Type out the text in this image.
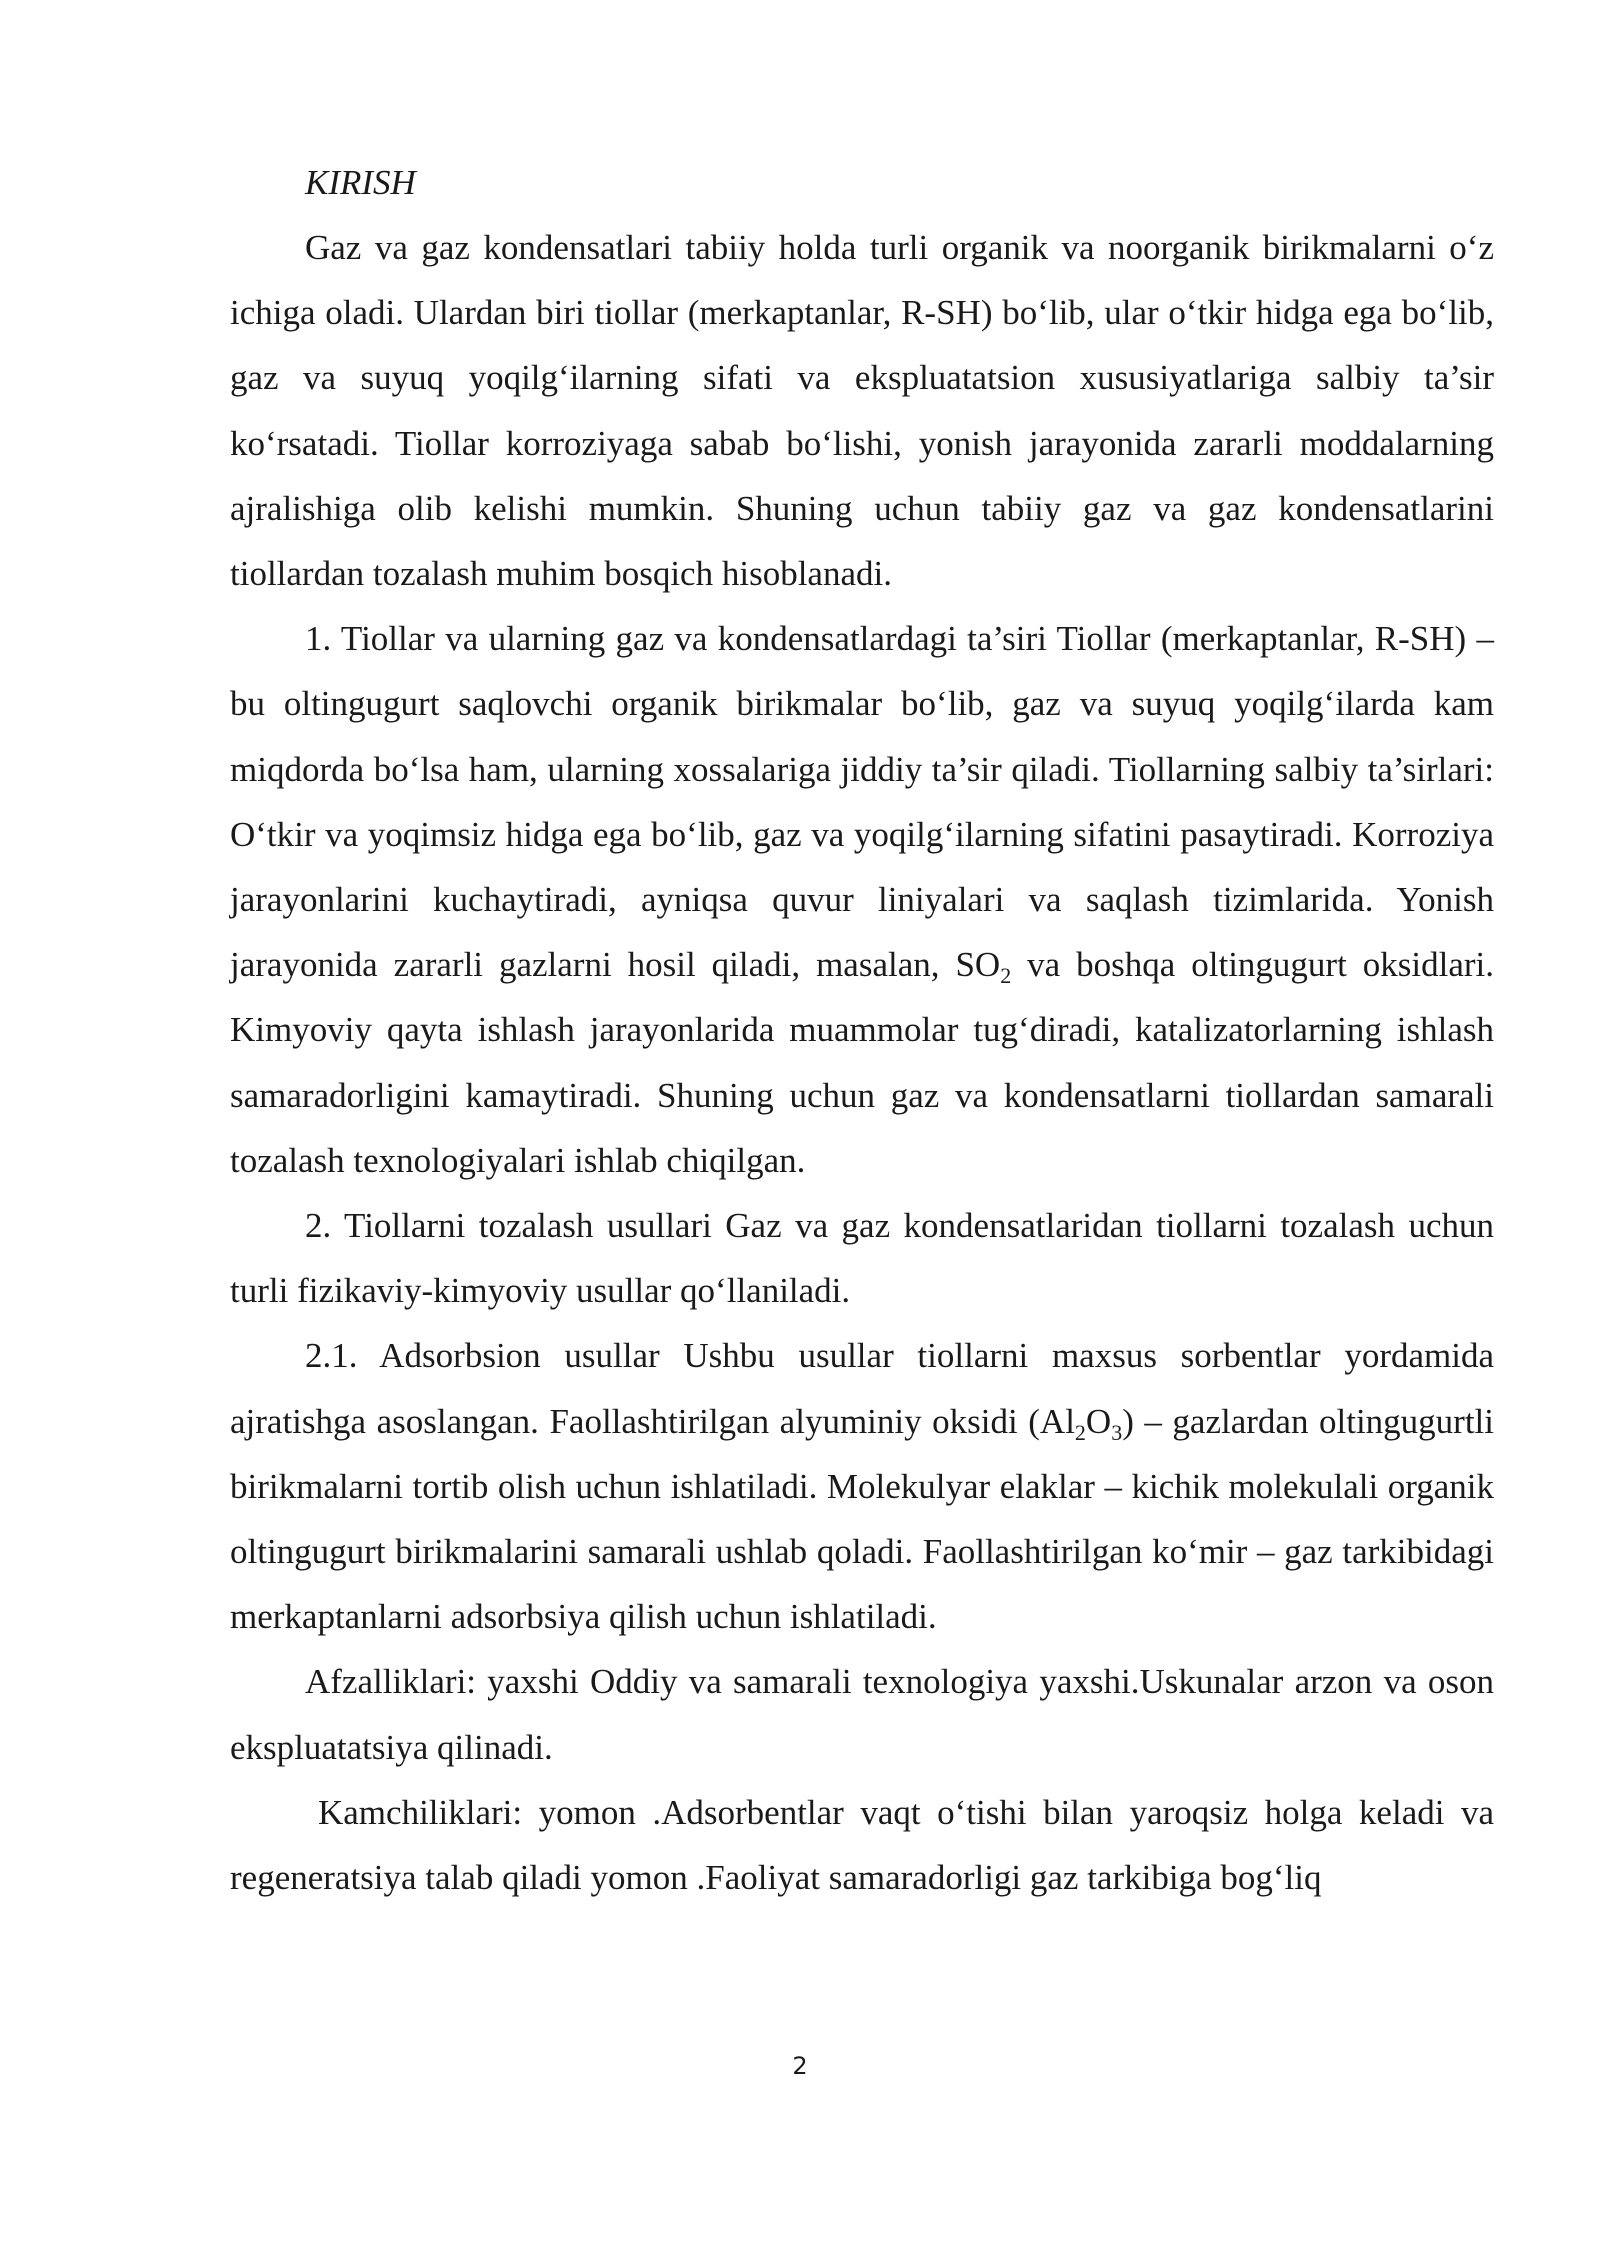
KIRISH

Gaz va gaz kondensatlari tabiiy holda turli organik va noorganik birikmalarni o‘z ichiga oladi. Ulardan biri tiollar (merkaptanlar, R-SH) bo‘lib, ular o‘tkir hidga ega bo‘lib, gaz va suyuq yoqilg‘ilarning sifati va ekspluatatsion xususiyatlariga salbiy ta’sir ko‘rsatadi. Tiollar korroziyaga sabab bo‘lishi, yonish jarayonida zararli moddalarning ajralishiga olib kelishi mumkin. Shuning uchun tabiiy gaz va gaz kondensatlarini tiollardan tozalash muhim bosqich hisoblanadi.

1. Tiollar va ularning gaz va kondensatlardagi ta’siri Tiollar (merkaptanlar, R-SH) – bu oltingugurt saqlovchi organik birikmalar bo‘lib, gaz va suyuq yoqilg‘ilarda kam miqdorda bo‘lsa ham, ularning xossalariga jiddiy ta’sir qiladi. Tiollarning salbiy ta’sirlari: O‘tkir va yoqimsiz hidga ega bo‘lib, gaz va yoqilg‘ilarning sifatini pasaytiradi. Korroziya jarayonlarini kuchaytiradi, ayniqsa quvur liniyalari va saqlash tizimlarida. Yonish jarayonida zararli gazlarni hosil qiladi, masalan, $SO_2$ va boshqa oltingugurt oksidlari. Kimyoviy qayta ishlash jarayonlarida muammolar tug‘diradi, katalizatorlarning ishlash samaradorligini kamaytiradi. Shuning uchun gaz va kondensatlarni tiollardan samarali tozalash texnologiyalari ishlab chiqilgan.

2. Tiollarni tozalash usullari Gaz va gaz kondensatlaridan tiollarni tozalash uchun turli fizikaviy-kimyoviy usullar qo‘llaniladi.

2.1. Adsorbsion usullar Ushbu usullar tiollarni maxsus sorbentlar yordamida ajratishga asoslangan. Faollashtirilgan alyuminiy oksidi $(Al_2O_3)$ – gazlardan oltingugurtli birikmalarni tortib olish uchun ishlatiladi. Molekulyar elaklar – kichik molekulali organik oltingugurt birikmalarini samarali ushlab qoladi. Faollashtirilgan ko‘mir – gaz tarkibidagi merkaptanlarni adsorbsiya qilish uchun ishlatiladi.

Afzalliklari: yaxshi Oddiy va samarali texnologiya yaxshi.Uskunalar arzon va oson ekspluatatsiya qilinadi.

Kamchiliklari: yomon .Adsorbentlar vaqt o‘tishi bilan yaroqsiz holga keladi va regeneratsiya talab qiladi yomon .Faoliyat samaradorligi gaz tarkibiga bog‘liq

2
